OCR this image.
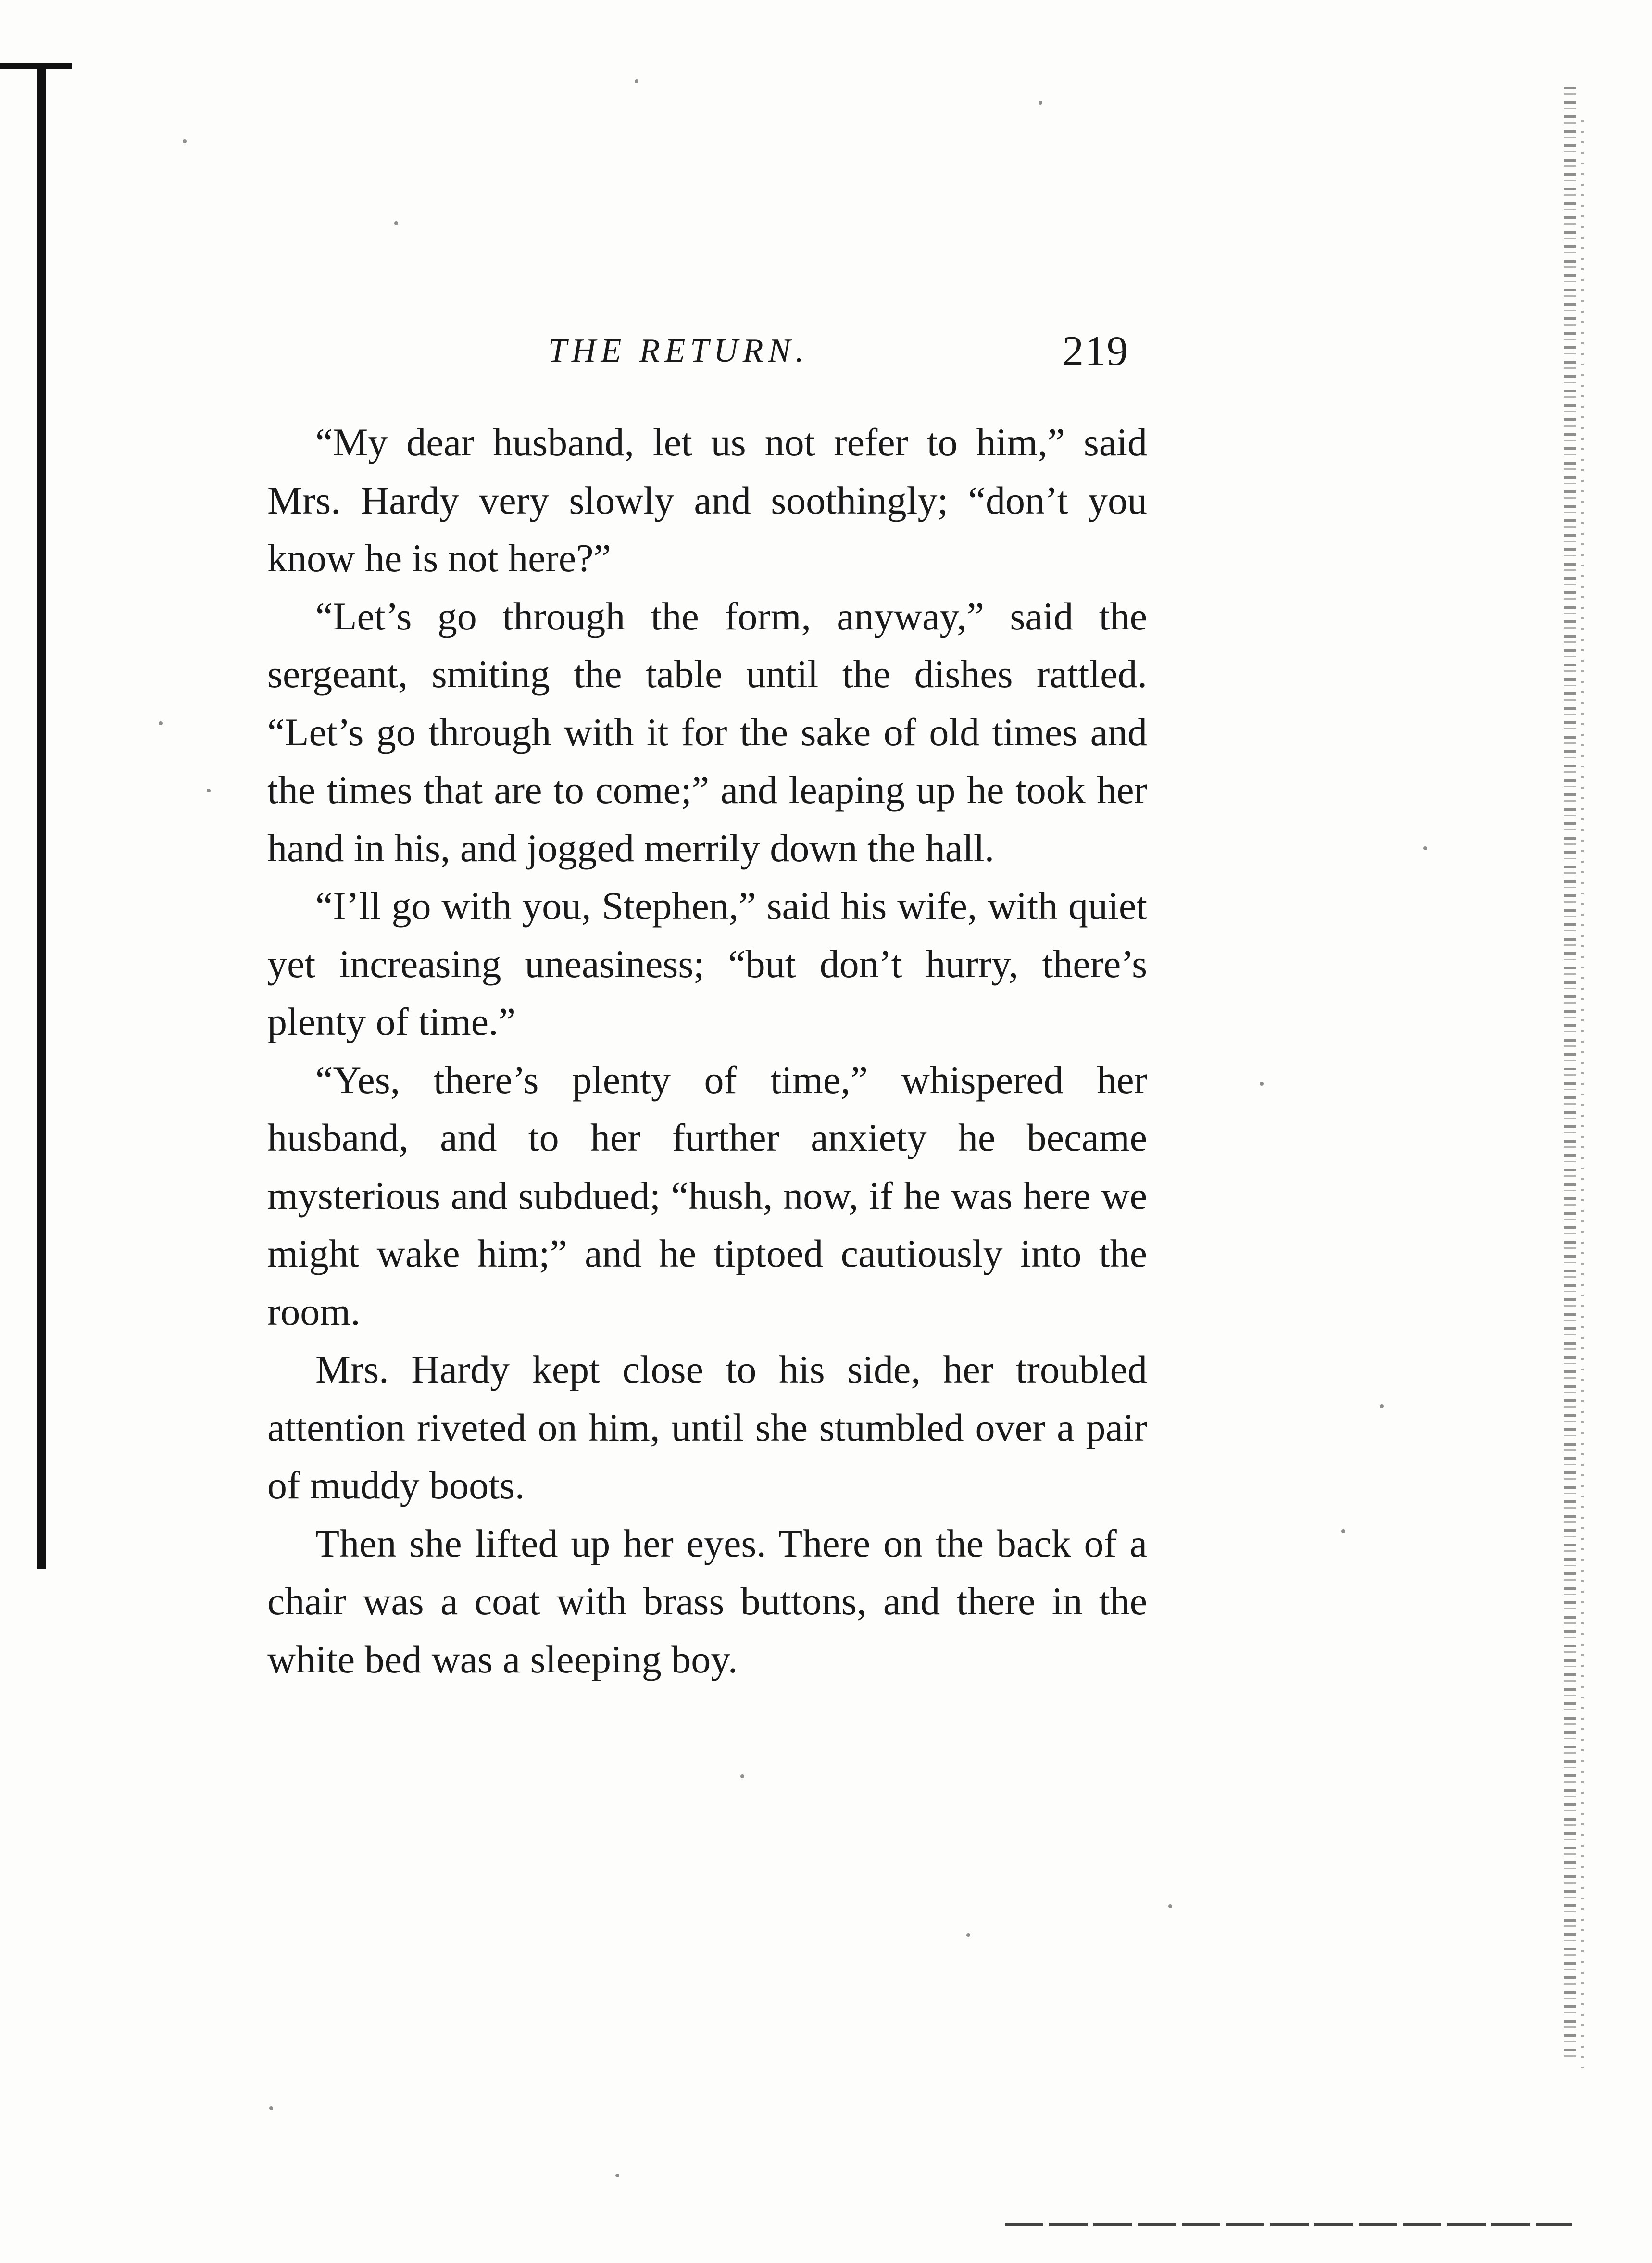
THE RETURN.	219

“My dear husband, let us not refer to him,” said Mrs. Hardy very slowly and soothingly; “don’t you know he is not here?”

“Let’s go through the form, anyway,” said the sergeant, smiting the table until the dishes rattled. “Let’s go through with it for the sake of old times and the times that are to come;” and leaping up he took her hand in his, and jogged merrily down the hall.

“I’ll go with you, Stephen,” said his wife, with quiet yet increasing uneasiness; “but don’t hurry, there’s plenty of time.”

“Yes, there’s plenty of time,” whispered her husband, and to her further anxiety he became mysterious and subdued; “hush, now, if he was here we might wake him;” and he tiptoed cautiously into the room.

Mrs. Hardy kept close to his side, her troubled attention riveted on him, until she stumbled over a pair of muddy boots.

Then she lifted up her eyes. There on the back of a chair was a coat with brass buttons, and there in the white bed was a sleeping boy.
